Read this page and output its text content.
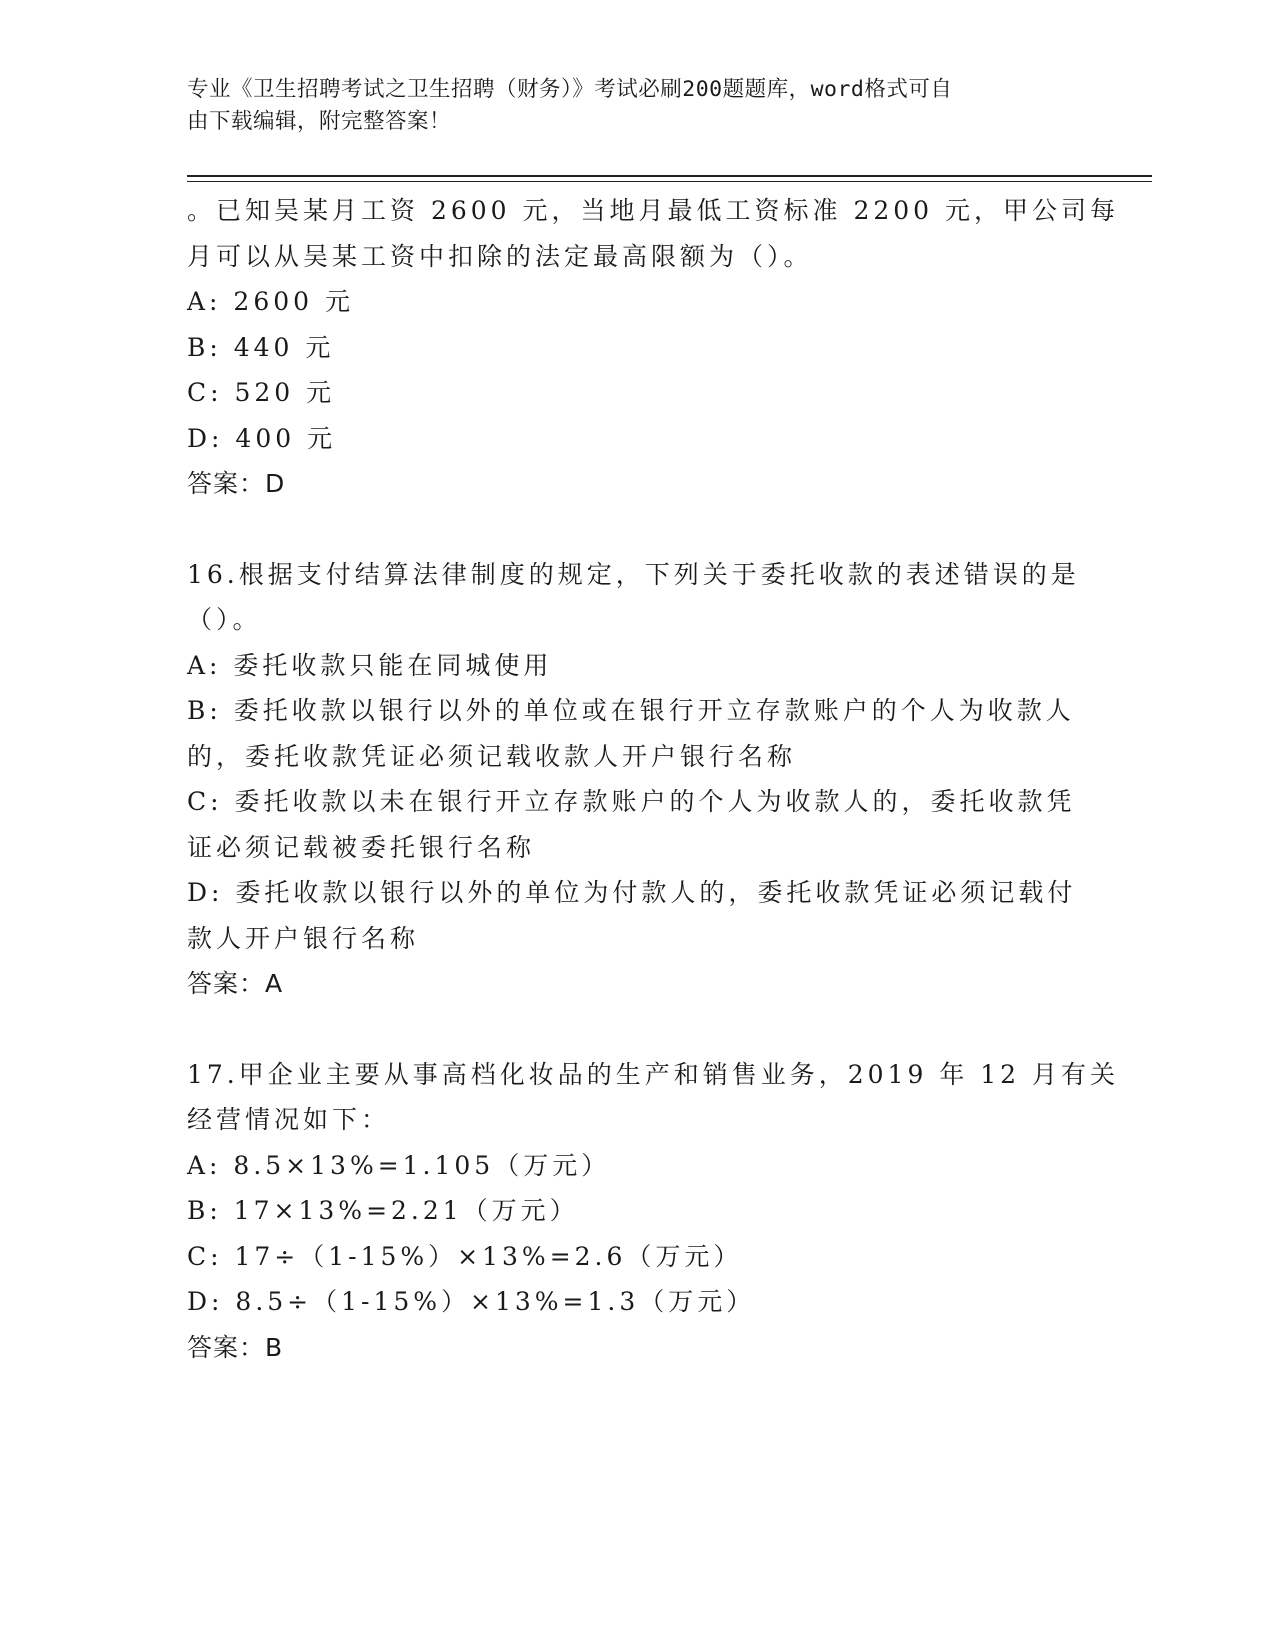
专业《卫生招聘考试之卫生招聘（财务）》考试必刷200题题库，word格式可自
由下载编辑，附完整答案！
。已知吴某月工资 2600 元，当地月最低工资标准 2200 元，甲公司每
月可以从吴某工资中扣除的法定最高限额为（）。
A: 2600 元
B: 440 元
C: 520 元
D: 400 元
答案：D
16.根据支付结算法律制度的规定，下列关于委托收款的表述错误的是
（）。
A: 委托收款只能在同城使用
B: 委托收款以银行以外的单位或在银行开立存款账户的个人为收款人
的，委托收款凭证必须记载收款人开户银行名称
C: 委托收款以未在银行开立存款账户的个人为收款人的，委托收款凭
证必须记载被委托银行名称
D: 委托收款以银行以外的单位为付款人的，委托收款凭证必须记载付
款人开户银行名称
答案：A
17.甲企业主要从事高档化妆品的生产和销售业务，2019 年 12 月有关
经营情况如下：
A: 8.5×13%=1.105（万元）
B: 17×13%=2.21（万元）
C: 17÷（1-15%）×13%=2.6（万元）
D: 8.5÷（1-15%）×13%=1.3（万元）
答案：B
